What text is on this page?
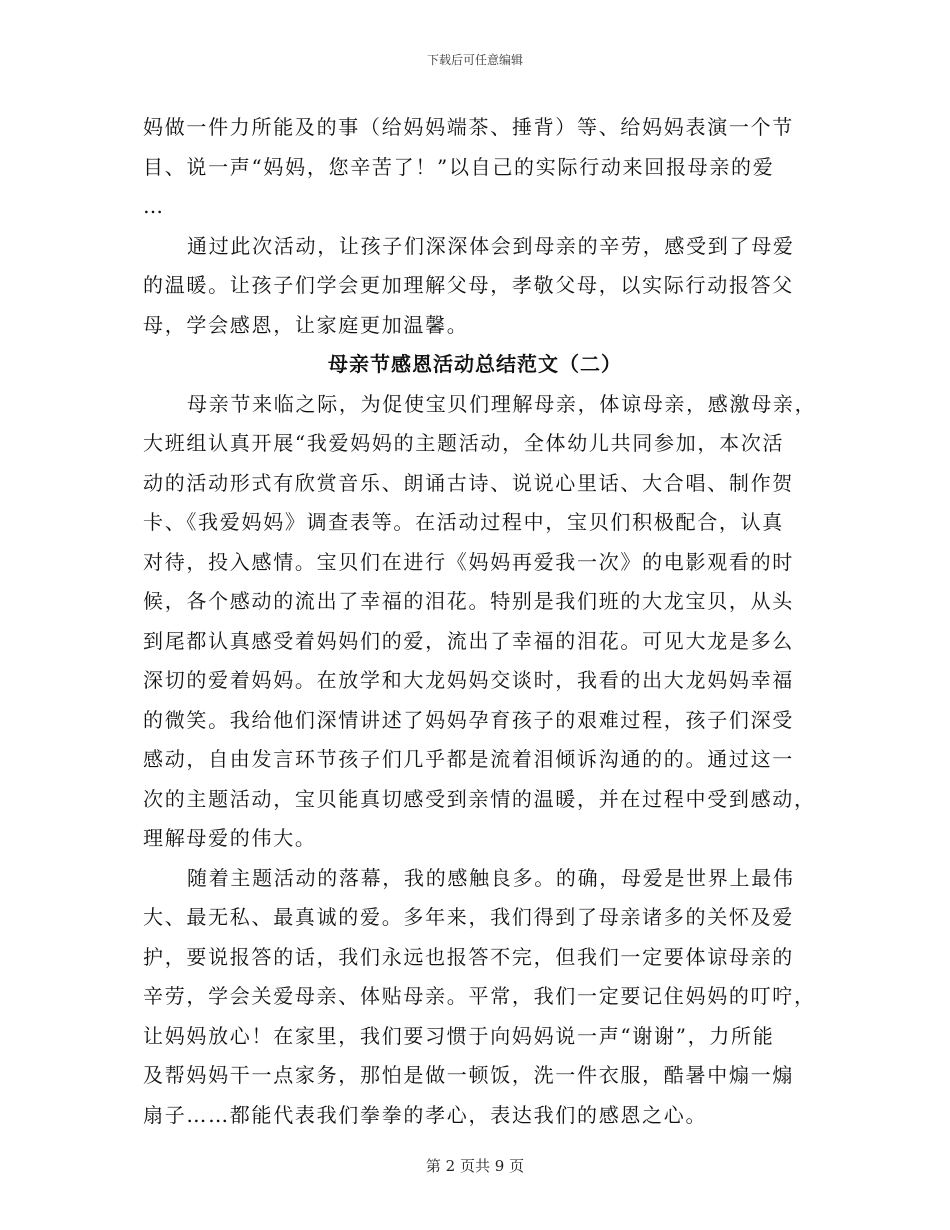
下载后可任意编辑
妈做一件力所能及的事（给妈妈端茶、捶背）等、给妈妈表演一个节
目、说一声“妈妈，您辛苦了！”以自己的实际行动来回报母亲的爱
…
通过此次活动，让孩子们深深体会到母亲的辛劳，感受到了母爱
的温暖。让孩子们学会更加理解父母，孝敬父母，以实际行动报答父
母，学会感恩，让家庭更加温馨。
母亲节感恩活动总结范文（二）
母亲节来临之际，为促使宝贝们理解母亲，体谅母亲，感激母亲，
大班组认真开展“我爱妈妈的主题活动，全体幼儿共同参加，本次活
动的活动形式有欣赏音乐、朗诵古诗、说说心里话、大合唱、制作贺
卡、《我爱妈妈》调查表等。在活动过程中，宝贝们积极配合，认真
对待，投入感情。宝贝们在进行《妈妈再爱我一次》的电影观看的时
候，各个感动的流出了幸福的泪花。特别是我们班的大龙宝贝，从头
到尾都认真感受着妈妈们的爱，流出了幸福的泪花。可见大龙是多么
深切的爱着妈妈。在放学和大龙妈妈交谈时，我看的出大龙妈妈幸福
的微笑。我给他们深情讲述了妈妈孕育孩子的艰难过程，孩子们深受
感动，自由发言环节孩子们几乎都是流着泪倾诉沟通的的。通过这一
次的主题活动，宝贝能真切感受到亲情的温暖，并在过程中受到感动，
理解母爱的伟大。
随着主题活动的落幕，我的感触良多。的确，母爱是世界上最伟
大、最无私、最真诚的爱。多年来，我们得到了母亲诸多的关怀及爱
护，要说报答的话，我们永远也报答不完，但我们一定要体谅母亲的
辛劳，学会关爱母亲、体贴母亲。平常，我们一定要记住妈妈的叮咛，
让妈妈放心！在家里，我们要习惯于向妈妈说一声“谢谢”，力所能
及帮妈妈干一点家务，那怕是做一顿饭，洗一件衣服，酷暑中煽一煽
扇子……都能代表我们拳拳的孝心，表达我们的感恩之心。
第 2 页共 9 页
